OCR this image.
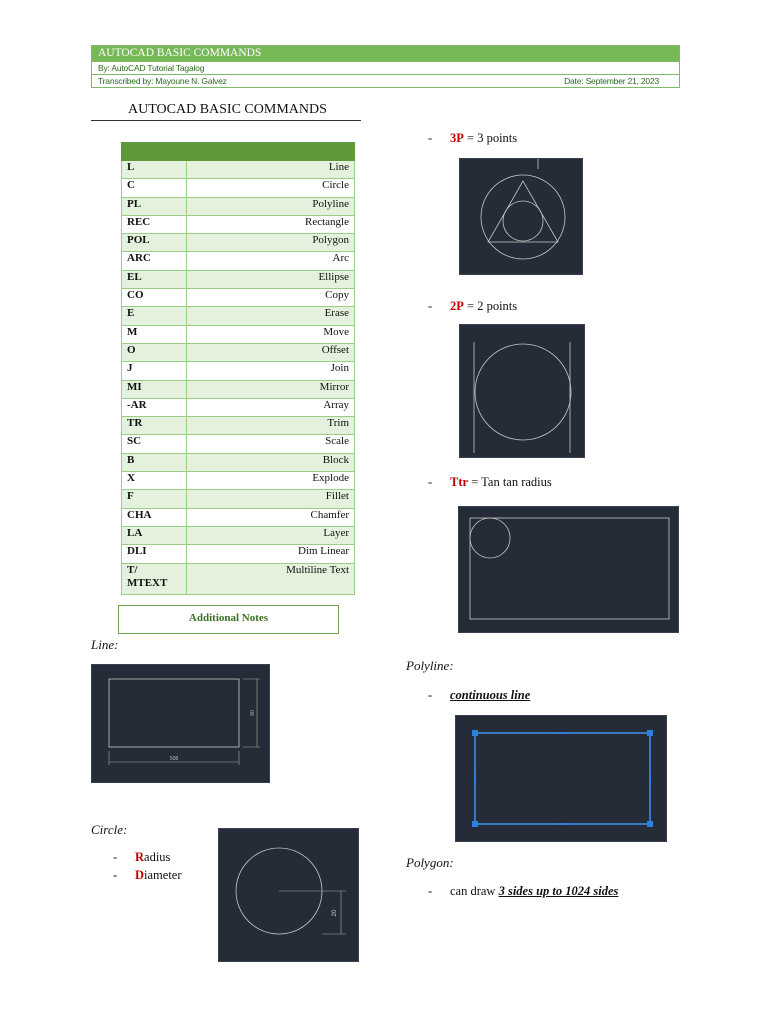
AUTOCAD BASIC COMMANDS
By: AutoCAD Tutorial Tagalog
Transcribed by: Mayoune N. Galvez	Date: September 21, 2023
AUTOCAD BASIC COMMANDS

L	Line
C	Circle
PL	Polyline
REC	Rectangle
POL	Polygon
ARC	Arc
EL	Ellipse
CO	Copy
E	Erase
M	Move
O	Offset
J	Join
MI	Mirror
-AR	Array
TR	Trim
SC	Scale
B	Block
X	Explode
F	Fillet
CHA	Chamfer
LA	Layer
DLI	Dim Linear
T/
MTEXT	Multiline Text
Additional Notes
Line:
508
80
Circle:
- Radius
- Diameter
20
- 3P = 3 points
- 2P = 2 points
- Ttr = Tan tan radius
Polyline:
- continuous line
Polygon:
- can draw 3 sides up to 1024 sides
